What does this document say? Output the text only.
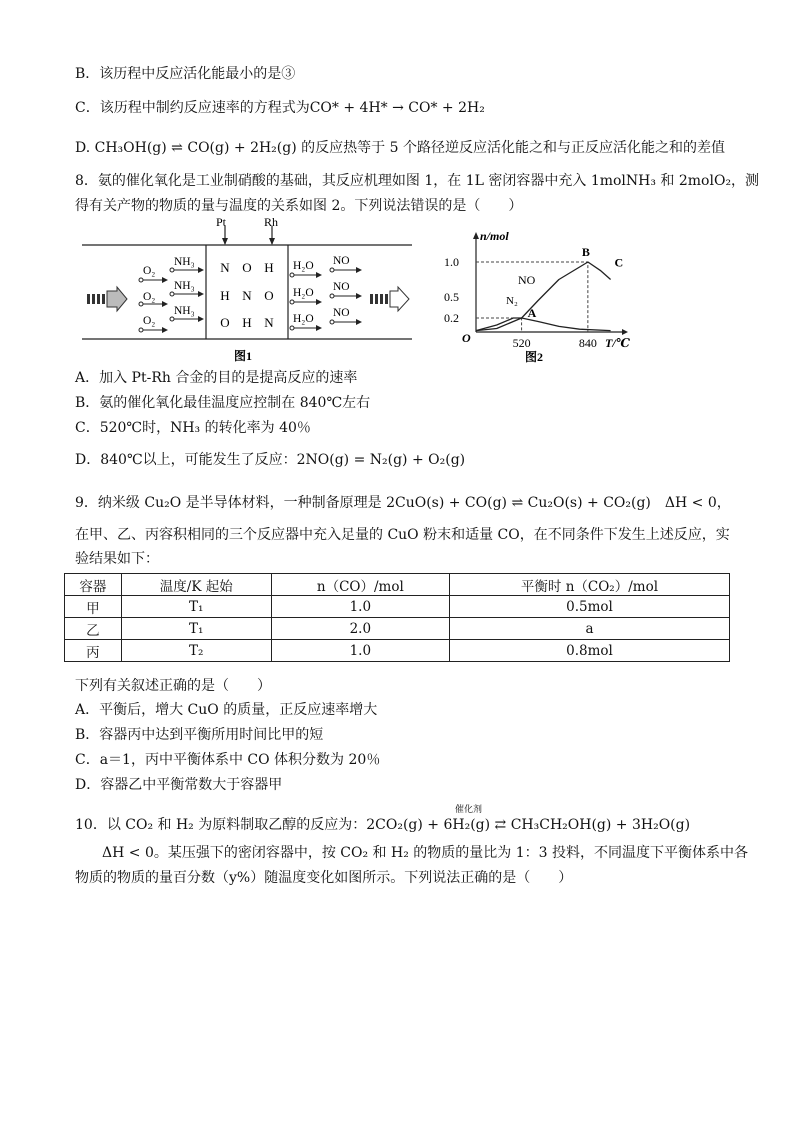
B．该历程中反应活化能最小的是③
C．该历程中制约反应速率的方程式为CO* + 4H* → CO* + 2H₂
D. CH₃OH(g) ⇌ CO(g) + 2H₂(g) 的反应热等于 5 个路径逆反应活化能之和与正反应活化能之和的差值
8．氨的催化氧化是工业制硝酸的基础，其反应机理如图 1，在 1L 密闭容器中充入 1molNH₃ 和 2molO₂，测
得有关产物的物质的量与温度的关系如图 2。下列说法错误的是（　　）
Pt	Rh
N O H
H N O
O H N
O₂
O₂
O₂
NH₃
NH₃
NH₃
H₂O
H₂O
H₂O
NO
NO
NO
图1
n/mol
T/℃
O
0.2
0.5
1.0
520	840
NO
N₂
A
B
C
图2
A．加入 Pt-Rh 合金的目的是提高反应的速率
B．氨的催化氧化最佳温度应控制在 840℃左右
C．520℃时，NH₃ 的转化率为 40％
D．840℃以上，可能发生了反应：2NO(g) = N₂(g) + O₂(g)
9．纳米级 Cu₂O 是半导体材料，一种制备原理是 2CuO(s) + CO(g) ⇌ Cu₂O(s) + CO₂(g)　ΔH < 0，
在甲、乙、丙容积相同的三个反应器中充入足量的 CuO 粉末和适量 CO，在不同条件下发生上述反应，实
验结果如下：
容器	温度/K 起始	n（CO）/mol	平衡时 n（CO₂）/mol
甲	T₁	1.0	0.5mol
乙	T₁	2.0	a
丙	T₂	1.0	0.8mol
下列有关叙述正确的是（　　）
A．平衡后，增大 CuO 的质量，正反应速率增大
B．容器丙中达到平衡所用时间比甲的短
C．a＝1，丙中平衡体系中 CO 体积分数为 20％
D．容器乙中平衡常数大于容器甲
10．以 CO₂ 和 H₂ 为原料制取乙醇的反应为：2CO₂(g) + 6H₂(g) ⇄ CH₃CH₂OH(g) + 3H₂O(g)
催化剂
ΔH < 0。某压强下的密闭容器中，按 CO₂ 和 H₂ 的物质的量比为 1：3 投料，不同温度下平衡体系中各
物质的物质的量百分数（y%）随温度变化如图所示。下列说法正确的是（　　）
